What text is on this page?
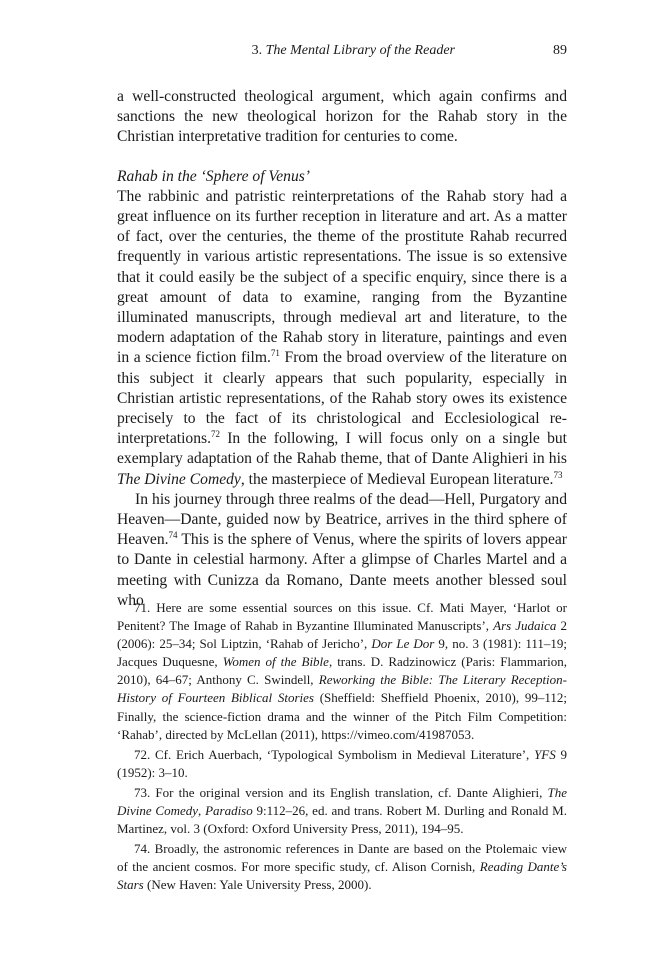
3. The Mental Library of the Reader	89

a well-constructed theological argument, which again confirms and sanctions the new theological horizon for the Rahab story in the Christian interpretative tradition for centuries to come.

Rahab in the ‘Sphere of Venus’

The rabbinic and patristic reinterpretations of the Rahab story had a great influence on its further reception in literature and art. As a matter of fact, over the centuries, the theme of the prostitute Rahab recurred frequently in various artistic representations. The issue is so extensive that it could easily be the subject of a specific enquiry, since there is a great amount of data to examine, ranging from the Byzantine illuminated manuscripts, through medieval art and literature, to the modern adaptation of the Rahab story in literature, paintings and even in a science fiction film.$^{71}$ From the broad overview of the literature on this subject it clearly appears that such popularity, especially in Christian artistic representations, of the Rahab story owes its existence precisely to the fact of its christological and Ecclesiological re-interpretations.$^{72}$ In the following, I will focus only on a single but exemplary adaptation of the Rahab theme, that of Dante Alighieri in his The Divine Comedy, the masterpiece of Medieval European literature.$^{73}$

In his journey through three realms of the dead—Hell, Purgatory and Heaven—Dante, guided now by Beatrice, arrives in the third sphere of Heaven.$^{74}$ This is the sphere of Venus, where the spirits of lovers appear to Dante in celestial harmony. After a glimpse of Charles Martel and a meeting with Cunizza da Romano, Dante meets another blessed soul who

71. Here are some essential sources on this issue. Cf. Mati Mayer, ‘Harlot or Penitent? The Image of Rahab in Byzantine Illuminated Manuscripts’, Ars Judaica 2 (2006): 25–34; Sol Liptzin, ‘Rahab of Jericho’, Dor Le Dor 9, no. 3 (1981): 111–19; Jacques Duquesne, Women of the Bible, trans. D. Radzinowicz (Paris: Flammarion, 2010), 64–67; Anthony C. Swindell, Reworking the Bible: The Literary Reception-History of Fourteen Biblical Stories (Sheffield: Sheffield Phoenix, 2010), 99–112; Finally, the science-fiction drama and the winner of the Pitch Film Competition: ‘Rahab’, directed by McLellan (2011), https://vimeo.com/41987053.

72. Cf. Erich Auerbach, ‘Typological Symbolism in Medieval Literature’, YFS 9 (1952): 3–10.

73. For the original version and its English translation, cf. Dante Alighieri, The Divine Comedy, Paradiso 9:112–26, ed. and trans. Robert M. Durling and Ronald M. Martinez, vol. 3 (Oxford: Oxford University Press, 2011), 194–95.

74. Broadly, the astronomic references in Dante are based on the Ptolemaic view of the ancient cosmos. For more specific study, cf. Alison Cornish, Reading Dante’s Stars (New Haven: Yale University Press, 2000).
